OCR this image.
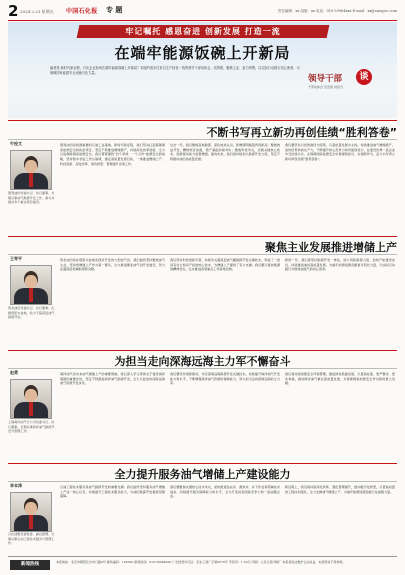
2 2024.2.23 星期五 中国石化报 专 题	责任编辑：xx 组版：xx 电话：010-59964xxx E-mail：xx@sinopec.com
牢记嘱托 感恩奋进 创新发展 打造一流
在端牢能源饭碗上开新局
编者按 新时代新征程，石化企业如何在端牢能源饭碗上开新局？本版约请多位来自生产经营一线的领导干部谈体会、话思路，聚焦主业、奋力拼搏，以实际行动践行初心使命，为保障国家能源安全贡献石化力量。
领导干部	谈
干部谈体会 话发展 讲担当
不断书写再立新功再创佳绩“胜利答卷”
牛栓文
胜利油田党委书记、执行董事。长期从事油气勘探开发工作，参与并推动多个重点项目建设。
胜利油田是我国重要的石油工业基地。新时代新征程，我们坚决扛起保障国家能源安全的政治责任，坚定不移推进增储稳产，持续深化改革创新，全力以赴保障国家能源安全。我们紧紧围绕“四个革命、一个合作”能源安全新战略，坚持稳中求进工作总基调，锚定高质量发展目标，一体推进增储上产、科技创新、深化改革、绿色转型、管理提升各项工作。
过去一年，我们聚焦高效勘探，深化地质认识，新增探明储量再创新高；聚焦效益开发，精细老区挖潜，稳产基础持续夯实；聚焦科技攻关，突破关键核心技术，创新驱动能力显著增强。面向未来，我们将持续加大勘探开发力度，坚定不移推动油田高质量发展。
我们要坚持以党的建设为统领，以高质量发展为主线，持续推进油气增储稳产，加快培育新质生产力，不断提升核心竞争力和价值创造力，在建设世界一流企业中当好排头兵，在保障国家能源安全中展现新担当、实现新作为，奋力书写再立新功再创佳绩“胜利答卷”。
聚焦主业发展推进增储上产
王寿平
西北油田党委书记、执行董事。扎根塔里木盆地，致力于超深层油气勘探开发。
西北油田是在塔里木盆地发现并开发的大型油气田。我们始终坚持聚焦油气主业，坚持把增储上产作为第一要务，全力推进顺北油气田开发建设，努力在超深层领域取得新突破。
我们坚持科技创新引领，持续攻关超深层油气藏勘探开发关键技术，形成了一批具有自主知识产权的核心技术，为增储上产提供了有力支撑。我们要以更加饱满的精神状态，扎实推进各项重点工作落地见效。
新的一年，我们将坚持勘探开发一体化，加大风险勘探力度，加快产能建设步伐，持续推进油田高质量发展，为端牢能源饭碗贡献更多西北力量，以实际行动践行为国找油找气的初心使命。
为担当走向深海远海主力军不懈奋斗
赵勇
上海海洋油气分公司党委书记、执行董事。长期从事海洋油气勘探开发与管理工作。
海洋油气是未来油气增储上产的重要领域。我们深入学习贯彻关于建设海洋强国的重要论述，坚定不移推进海洋油气勘探开发，全力以赴加快深海远海油气资源开发步伐。
我们要坚持创新驱动，攻克深海远海勘探开发关键技术，持续提升海洋油气开发能力和水平，不断增强海洋油气资源的保障能力，努力担当走向深海远海的主力军。
我们将持续加强安全环保管理，推进绿色低碳发展，以更高标准、更严要求、更实举措，推动海洋油气事业高质量发展，为保障国家能源安全作出新的更大贡献。
全力提升服务油气增储上产建设能力
李本涛
石化油服党委常委、副总经理。长期从事石油工程技术服务与管理工作。
石油工程技术服务是油气勘探开发的重要支撑。我们始终坚持服务油气增储上产这一核心任务，持续提升工程技术服务能力，为油田勘探开发提供坚强保障。
我们要聚焦关键核心技术攻关，加快推进钻完井、测录井、井下作业等领域技术进步，持续提升服务保障能力和水平，全力打造具有国际竞争力的一流油服企业。
新征程上，我们将持续深化改革，强化管理提升，推动数字化转型，以更高质量的工程技术服务，全力支撑油气增储上产，为端牢能源饭碗贡献石化油服力量。
新闻热线	本报地址：北京市朝阳区吉市口路9号 邮政编码：100020 新闻热线：010-59964000 广告经营许可证：京东工商广字第0076号 零售价：1.50元 印刷：人民日报印刷厂 本报将依法维护合法权益，未经授权不得转载。
